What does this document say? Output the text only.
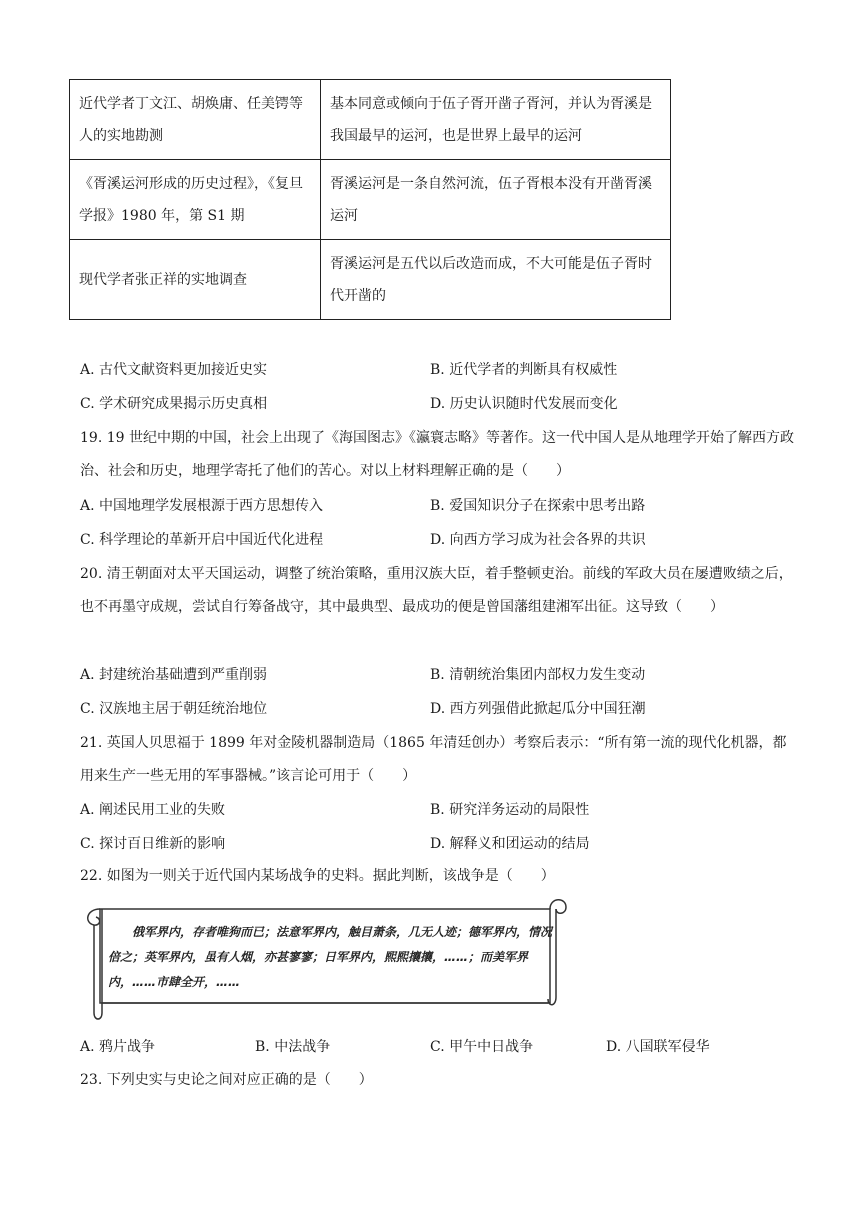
近代学者丁文江、胡焕庸、任美锷等人的实地勘测	基本同意或倾向于伍子胥开凿子胥河，并认为胥溪是我国最早的运河，也是世界上最早的运河
《胥溪运河形成的历史过程》，《复旦学报》1980 年，第 S1 期	胥溪运河是一条自然河流，伍子胥根本没有开凿胥溪运河
现代学者张正祥的实地调查	胥溪运河是五代以后改造而成，不大可能是伍子胥时代开凿的
A. 古代文献资料更加接近史实	B. 近代学者的判断具有权威性
C. 学术研究成果揭示历史真相	D. 历史认识随时代发展而变化
19. 19 世纪中期的中国，社会上出现了《海国图志》《瀛寰志略》等著作。这一代中国人是从地理学开始了解西方政治、社会和历史，地理学寄托了他们的苦心。对以上材料理解正确的是（　　）
A. 中国地理学发展根源于西方思想传入	B. 爱国知识分子在探索中思考出路
C. 科学理论的革新开启中国近代化进程	D. 向西方学习成为社会各界的共识
20. 清王朝面对太平天国运动，调整了统治策略，重用汉族大臣，着手整顿吏治。前线的军政大员在屡遭败绩之后，也不再墨守成规，尝试自行筹备战守，其中最典型、最成功的便是曾国藩组建湘军出征。这导致（　　）
A. 封建统治基础遭到严重削弱	B. 清朝统治集团内部权力发生变动
C. 汉族地主居于朝廷统治地位	D. 西方列强借此掀起瓜分中国狂潮
21. 英国人贝思福于 1899 年对金陵机器制造局（1865 年清廷创办）考察后表示：“所有第一流的现代化机器，都用来生产一些无用的军事器械。”该言论可用于（　　）
A. 阐述民用工业的失败	B. 研究洋务运动的局限性
C. 探讨百日维新的影响	D. 解释义和团运动的结局
22. 如图为一则关于近代国内某场战争的史料。据此判断，该战争是（　　）
俄军界内，存者唯狗而已；法意军界内，触目萧条，几无人迹；德军界内，情况倍之；英军界内，虽有人烟，亦甚寥寥；日军界内，熙熙攘攘，……；而美军界内，……市肆全开，……
A. 鸦片战争	B. 中法战争	C. 甲午中日战争	D. 八国联军侵华
23. 下列史实与史论之间对应正确的是（　　）
